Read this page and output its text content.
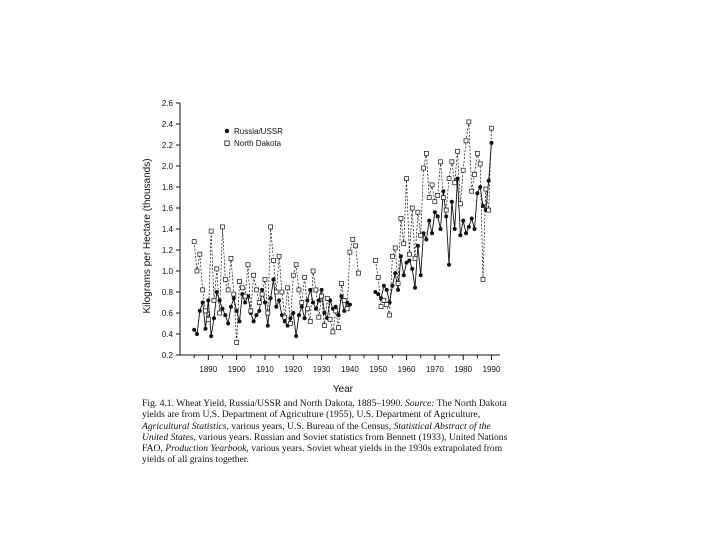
0.2
0.4
0.6
0.8
1.0
1.2
1.4
1.6
1.8
2.0
2.2
2.4
2.6
1890 1900 1910 1920 1930 1940 1950 1960 1970 1980 1990
Russia/USSR
North Dakota
Year
Kilograms per Hectare (thousands)

Fig. 4.1. Wheat Yield, Russia/USSR and North Dakota, 1885–1990. Source: The North Dakota yields are from U.S. Department of Agriculture (1955), U.S. Department of Agriculture, Agricultural Statistics, various years, U.S. Bureau of the Census, Statistical Abstract of the United States, various years. Russian and Soviet statistics from Bennett (1933), United Nations FAO, Production Yearbook, various years. Soviet wheat yields in the 1930s extrapolated from yields of all grains together.
